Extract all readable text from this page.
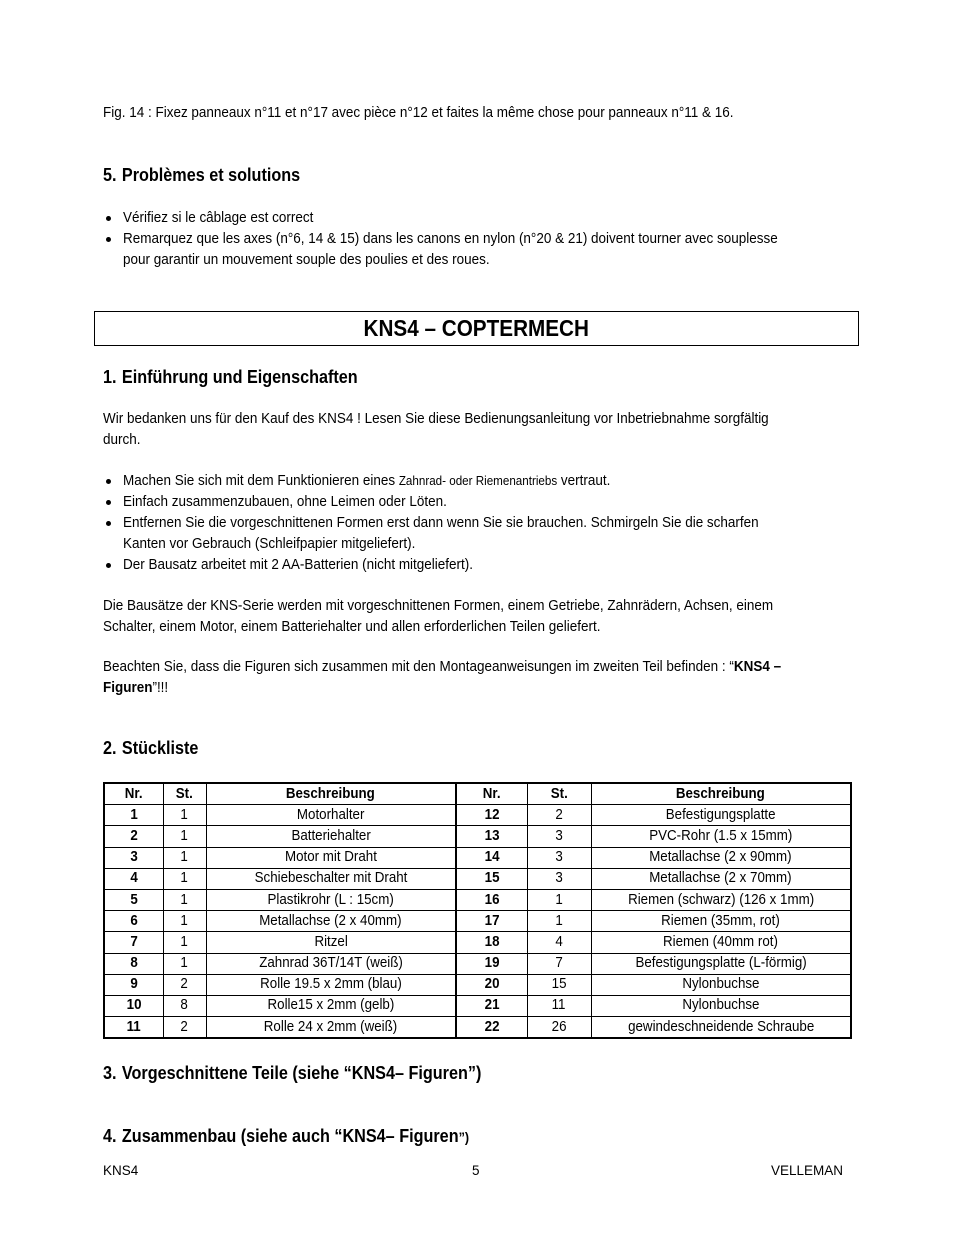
Fig. 14 : Fixez panneaux n°11 et n°17 avec pièce n°12 et faites la même chose pour panneaux n°11 & 16.

5. Problèmes et solutions
Vérifiez si le câblage est correct
Remarquez que les axes (n°6, 14 & 15) dans les canons en nylon (n°20 & 21) doivent tourner avec souplesse
pour garantir un mouvement souple des poulies et des roues.
KNS4 – COPTERMECH
1. Einführung und Eigenschaften

Wir bedanken uns für den Kauf des KNS4 ! Lesen Sie diese Bedienungsanleitung vor Inbetriebnahme sorgfältig

durch.

Machen Sie sich mit dem Funktionieren eines Zahnrad- oder Riemenantriebs vertraut.
Einfach zusammenzubauen, ohne Leimen oder Löten.
Entfernen Sie die vorgeschnittenen Formen erst dann wenn Sie sie brauchen. Schmirgeln Sie die scharfen
Kanten vor Gebrauch (Schleifpapier mitgeliefert).
Der Bausatz arbeitet mit 2 AA-Batterien (nicht mitgeliefert).

Die Bausätze der KNS-Serie werden mit vorgeschnittenen Formen, einem Getriebe, Zahnrädern, Achsen, einem

Schalter, einem Motor, einem Batteriehalter und allen erforderlichen Teilen geliefert.

Beachten Sie, dass die Figuren sich zusammen mit den Montageanweisungen im zweiten Teil befinden : “KNS4 –

Figuren”!!!

2. Stückliste
Nr.	St.	Beschreibung	Nr.	St.	Beschreibung
1	1	Motorhalter	12	2	Befestigungsplatte
2	1	Batteriehalter	13	3	PVC-Rohr (1.5 x 15mm)
3	1	Motor mit Draht	14	3	Metallachse (2 x 90mm)
4	1	Schiebeschalter mit Draht	15	3	Metallachse (2 x 70mm)
5	1	Plastikrohr (L : 15cm)	16	1	Riemen (schwarz) (126 x 1mm)
6	1	Metallachse (2 x 40mm)	17	1	Riemen (35mm, rot)
7	1	Ritzel	18	4	Riemen (40mm rot)
8	1	Zahnrad 36T/14T (weiß)	19	7	Befestigungsplatte (L-förmig)
9	2	Rolle 19.5 x 2mm (blau)	20	15	Nylonbuchse
10	8	Rolle15 x 2mm (gelb)	21	11	Nylonbuchse
11	2	Rolle 24 x 2mm (weiß)	22	26	gewindeschneidende Schraube
3. Vorgeschnittene Teile (siehe “KNS4– Figuren”)
4. Zusammenbau (siehe auch “KNS4– Figuren”)
KNS4	5	VELLEMAN
